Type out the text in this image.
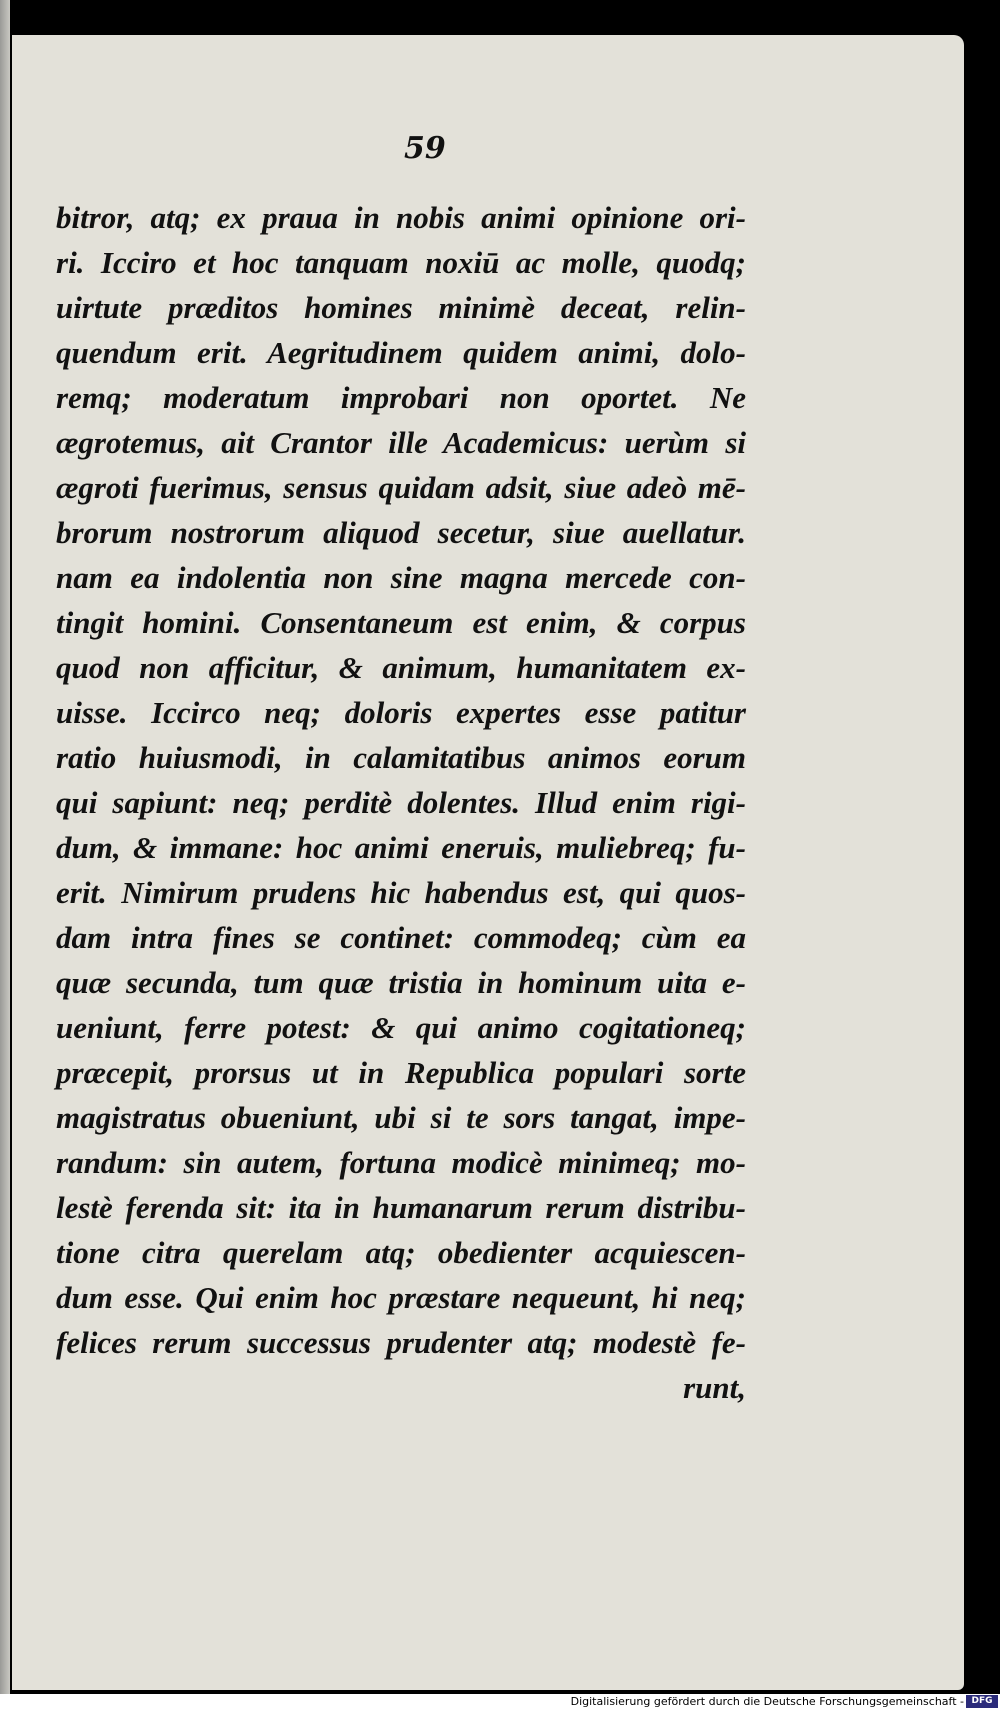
59
bitror, atq; ex praua in nobis animi opinione ori-
ri. Icciro et hoc tanquam noxiū ac molle, quodq;
uirtute præditos homines minimè deceat, relin-
quendum erit. Aegritudinem quidem animi, dolo-
remq; moderatum improbari non oportet. Ne
ægrotemus, ait Crantor ille Academicus: uerùm si
ægroti fuerimus, sensus quidam adsit, siue adeò mē-
brorum nostrorum aliquod secetur, siue auellatur.
nam ea indolentia non sine magna mercede con-
tingit homini. Consentaneum est enim, & corpus
quod non afficitur, & animum, humanitatem ex-
uisse. Iccirco neq; doloris expertes esse patitur
ratio huiusmodi, in calamitatibus animos eorum
qui sapiunt: neq; perditè dolentes. Illud enim rigi-
dum, & immane: hoc animi eneruis, muliebreq; fu-
erit. Nimirum prudens hic habendus est, qui quos-
dam intra fines se continet: commodeq; cùm ea
quæ secunda, tum quæ tristia in hominum uita e-
ueniunt, ferre potest: & qui animo cogitationeq;
præcepit, prorsus ut in Republica populari sorte
magistratus obueniunt, ubi si te sors tangat, impe-
randum: sin autem, fortuna modicè minimeq; mo-
lestè ferenda sit: ita in humanarum rerum distribu-
tione citra querelam atq; obedienter acquiescen-
dum esse. Qui enim hoc præstare nequeunt, hi neq;
felices rerum successus prudenter atq; modestè fe-
runt,
Digitalisierung gefördert durch die Deutsche Forschungsgemeinschaft - DFG
